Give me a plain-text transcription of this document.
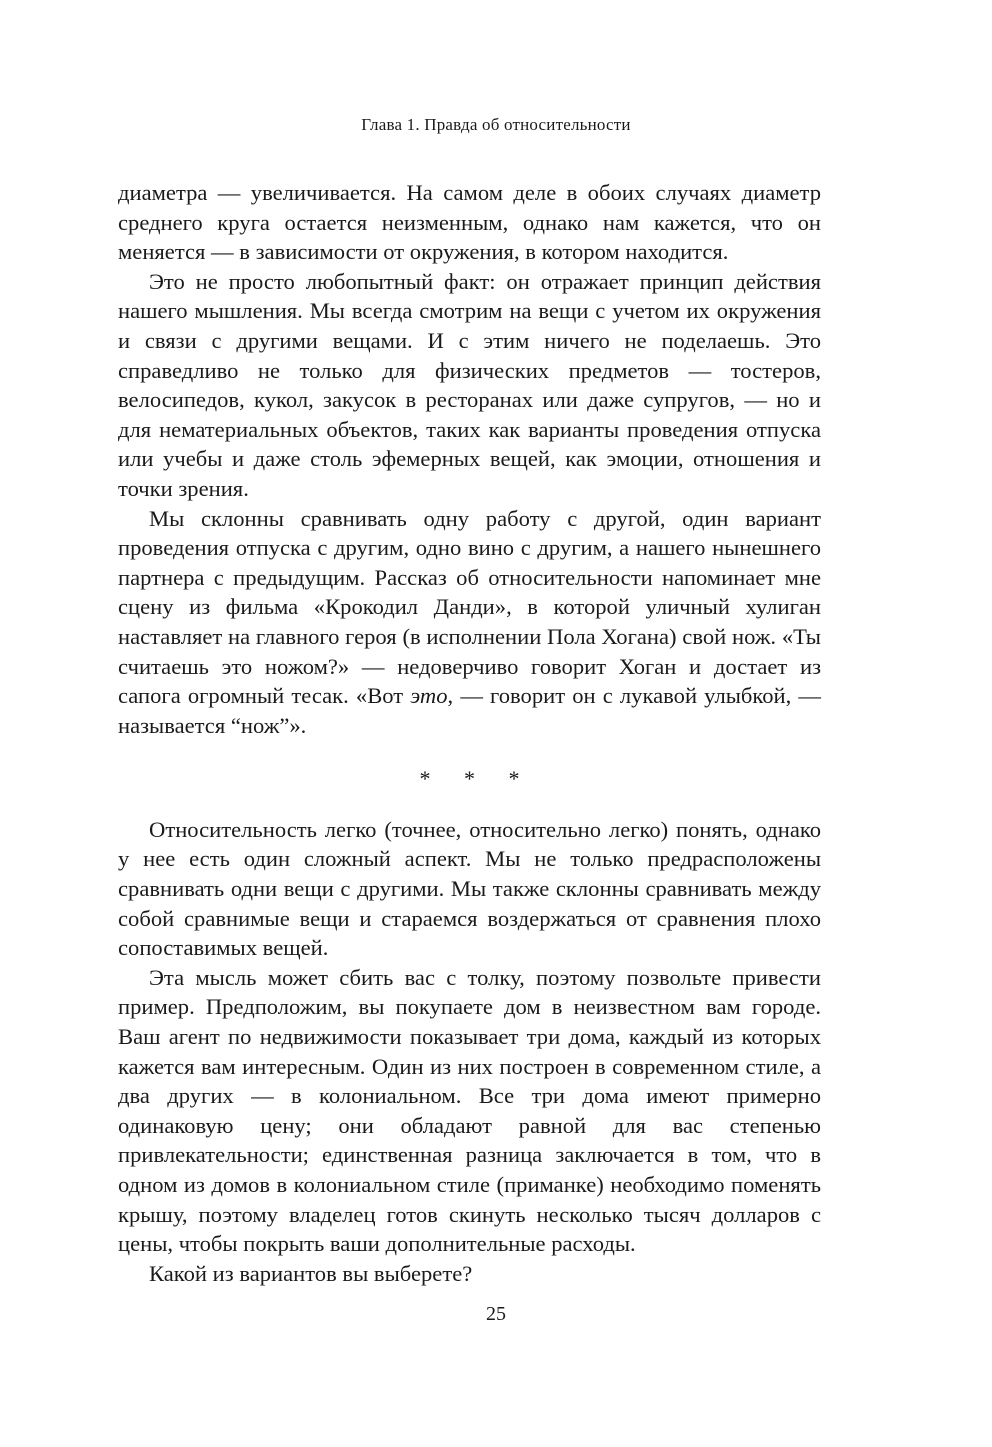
Глава 1. Правда об относительности

диаметра — увеличивается. На самом деле в обоих случаях диаметр среднего круга остается неизменным, однако нам кажется, что он меняется — в зависимости от окружения, в котором находится.

Это не просто любопытный факт: он отражает принцип действия нашего мышления. Мы всегда смотрим на вещи с учетом их окружения и связи с другими вещами. И с этим ничего не поделаешь. Это справедливо не только для физических предметов — тостеров, велосипедов, кукол, закусок в ресторанах или даже супругов, — но и для нематериальных объектов, таких как варианты проведения отпуска или учебы и даже столь эфемерных вещей, как эмоции, отношения и точки зрения.

Мы склонны сравнивать одну работу с другой, один вариант проведения отпуска с другим, одно вино с другим, а нашего нынешнего партнера с предыдущим. Рассказ об относительности напоминает мне сцену из фильма «Крокодил Данди», в которой уличный хулиган наставляет на главного героя (в исполнении Пола Хогана) свой нож. «Ты считаешь это ножом?» — недоверчиво говорит Хоган и достает из сапога огромный тесак. «Вот это, — говорит он с лукавой улыбкой, — называется “нож”».

* * *

Относительность легко (точнее, относительно легко) понять, однако у нее есть один сложный аспект. Мы не только предрасположены сравнивать одни вещи с другими. Мы также склонны сравнивать между собой сравнимые вещи и стараемся воздержаться от сравнения плохо сопоставимых вещей.

Эта мысль может сбить вас с толку, поэтому позвольте привести пример. Предположим, вы покупаете дом в неизвестном вам городе. Ваш агент по недвижимости показывает три дома, каждый из которых кажется вам интересным. Один из них построен в современном стиле, а два других — в колониальном. Все три дома имеют примерно одинаковую цену; они обладают равной для вас степенью привлекательности; единственная разница заключается в том, что в одном из домов в колониальном стиле (приманке) необходимо поменять крышу, поэтому владелец готов скинуть несколько тысяч долларов с цены, чтобы покрыть ваши дополнительные расходы.

Какой из вариантов вы выберете?

25
